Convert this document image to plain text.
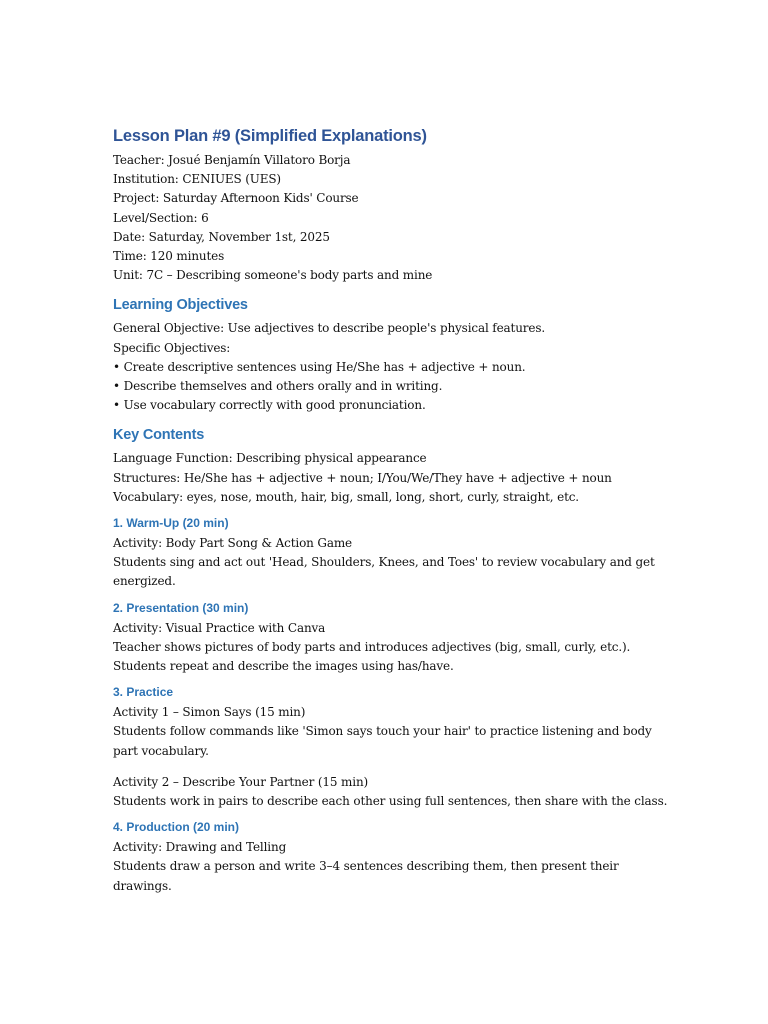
Lesson Plan #9 (Simplified Explanations)

Teacher: Josué Benjamín Villatoro Borja

Institution: CENIUES (UES)

Project: Saturday Afternoon Kids' Course

Level/Section: 6

Date: Saturday, November 1st, 2025

Time: 120 minutes

Unit: 7C – Describing someone's body parts and mine

Learning Objectives

General Objective: Use adjectives to describe people's physical features.

Specific Objectives:

• Create descriptive sentences using He/She has + adjective + noun.

• Describe themselves and others orally and in writing.

• Use vocabulary correctly with good pronunciation.

Key Contents

Language Function: Describing physical appearance

Structures: He/She has + adjective + noun; I/You/We/They have + adjective + noun

Vocabulary: eyes, nose, mouth, hair, big, small, long, short, curly, straight, etc.

1. Warm-Up (20 min)

Activity: Body Part Song & Action Game

Students sing and act out 'Head, Shoulders, Knees, and Toes' to review vocabulary and get

energized.

2. Presentation (30 min)

Activity: Visual Practice with Canva

Teacher shows pictures of body parts and introduces adjectives (big, small, curly, etc.).

Students repeat and describe the images using has/have.

3. Practice

Activity 1 – Simon Says (15 min)

Students follow commands like 'Simon says touch your hair' to practice listening and body

part vocabulary.

Activity 2 – Describe Your Partner (15 min)

Students work in pairs to describe each other using full sentences, then share with the class.

4. Production (20 min)

Activity: Drawing and Telling

Students draw a person and write 3–4 sentences describing them, then present their

drawings.
